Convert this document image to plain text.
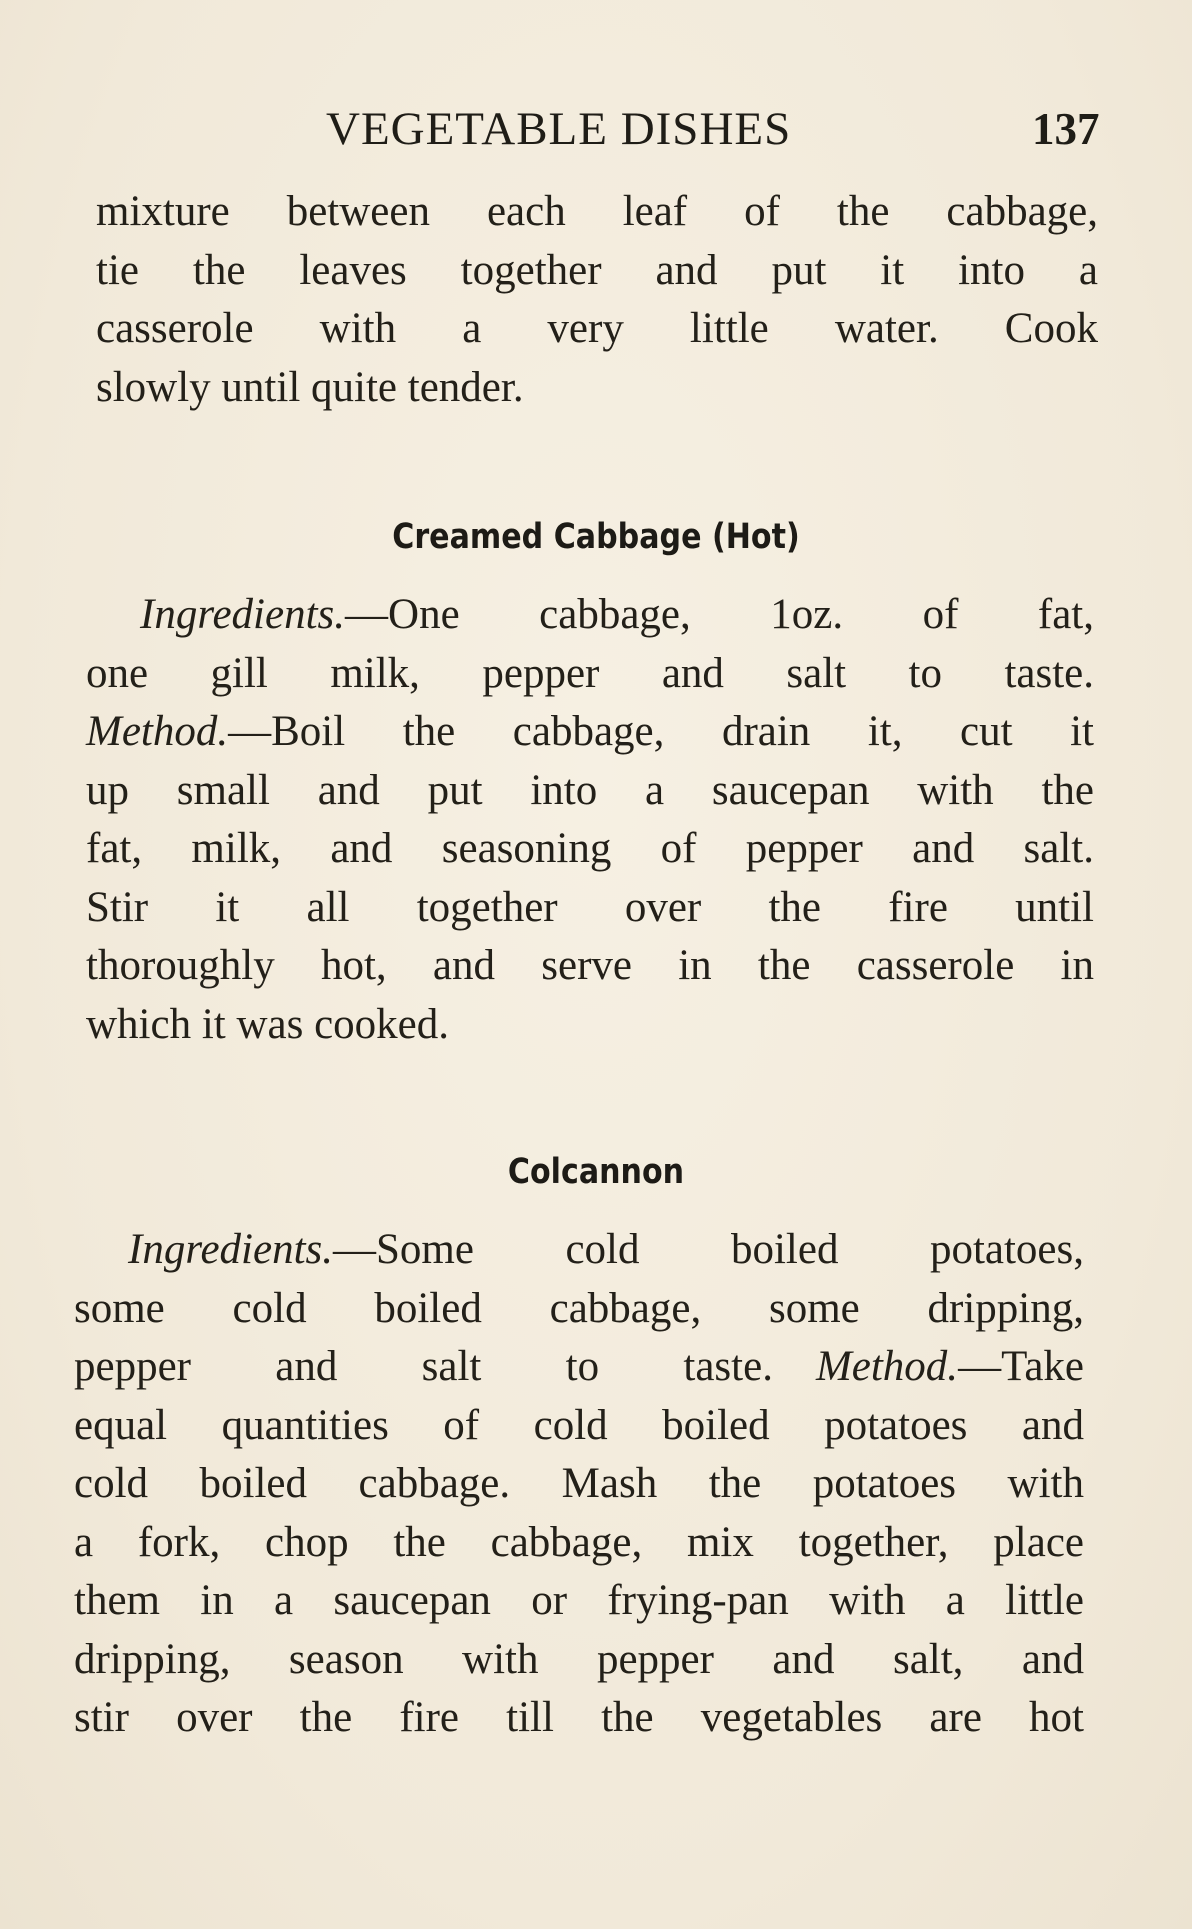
VEGETABLE DISHES	137
mixture between each leaf of the cabbage,
tie the leaves together and put it into a
casserole with a very little water. Cook
slowly until quite tender.
Creamed Cabbage (Hot)
Ingredients.—One cabbage, 1oz. of fat,
one gill milk, pepper and salt to taste.
Method.—Boil the cabbage, drain it, cut it
up small and put into a saucepan with the
fat, milk, and seasoning of pepper and salt.
Stir it all together over the fire until
thoroughly hot, and serve in the casserole in
which it was cooked.
Colcannon
Ingredients.—Some cold boiled potatoes,
some cold boiled cabbage, some dripping,
pepper and salt to taste.  Method.—Take
equal quantities of cold boiled potatoes and
cold boiled cabbage. Mash the potatoes with
a fork, chop the cabbage, mix together, place
them in a saucepan or frying-pan with a little
dripping, season with pepper and salt, and
stir over the fire till the vegetables are hot
